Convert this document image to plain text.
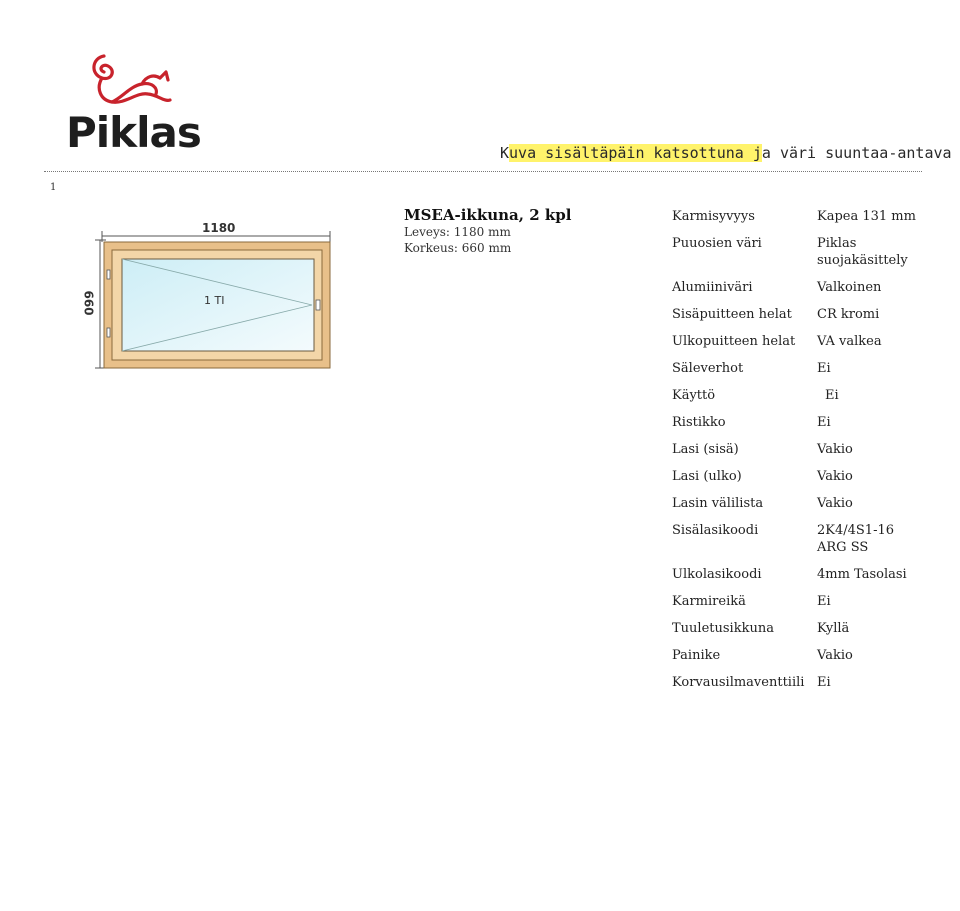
Piklas	Kuva sisältäpäin katsottuna ja väri suuntaa-antava
1
1180
660	1 TI
MSEA-ikkuna, 2 kpl
Leveys: 1180 mm
Korkeus: 660 mm
Karmisyvyys	Kapea 131 mm
Puuosien väri	Piklas suojakäsittely
Alumiiniväri	Valkoinen
Sisäpuitteen helat	CR kromi
Ulkopuitteen helat	VA valkea
Säleverhot	Ei
Käyttö	Ei
Ristikko	Ei
Lasi (sisä)	Vakio
Lasi (ulko)	Vakio
Lasin välilista	Vakio
Sisälasikoodi	2K4/4S1-16 ARG SS
Ulkolasikoodi	4mm Tasolasi
Karmireikä	Ei
Tuuletusikkuna	Kyllä
Painike	Vakio
Korvausilmaventtiili	Ei
